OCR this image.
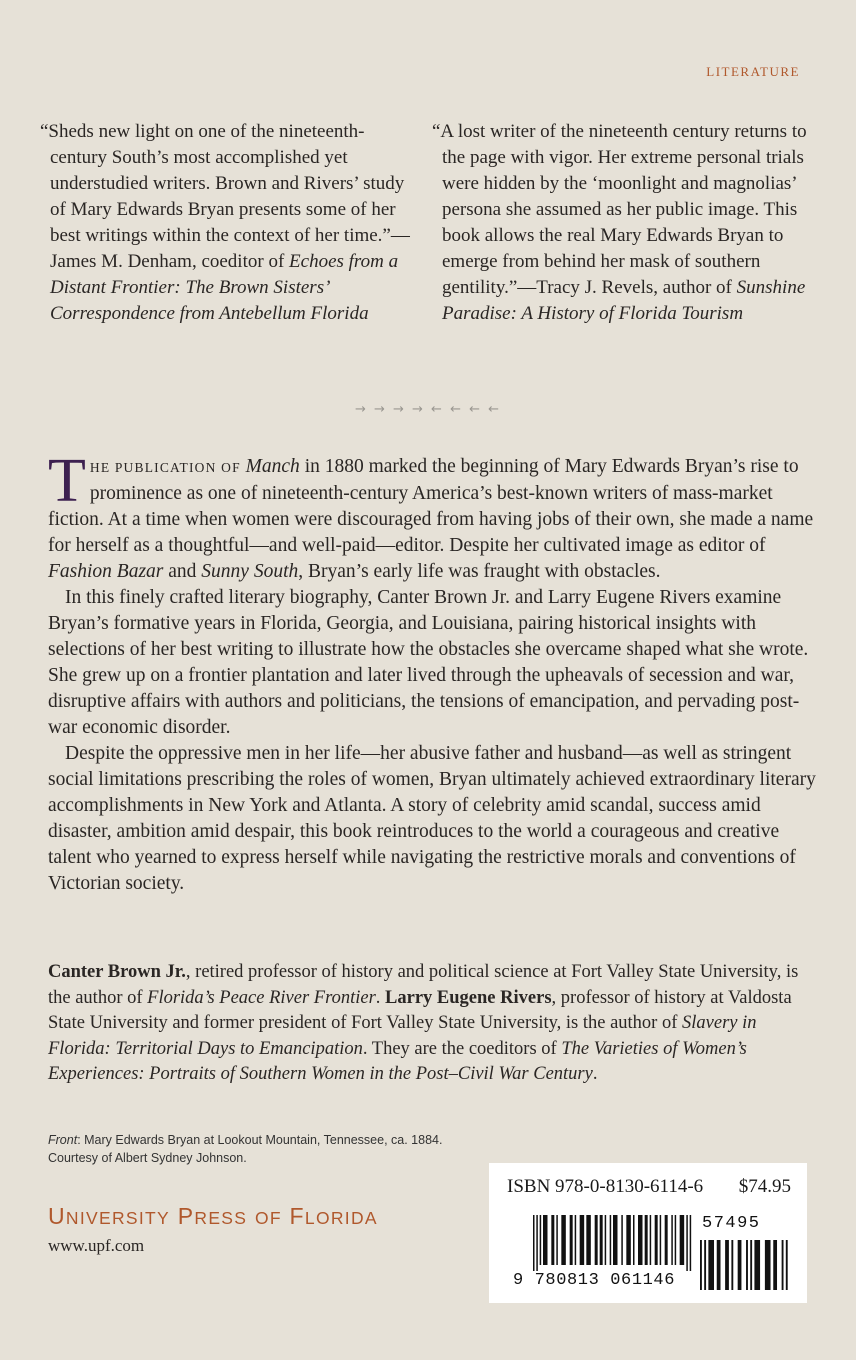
LITERATURE
“Sheds new light on one of the nineteenth-century South’s most accomplished yet understudied writers. Brown and Rivers’ study of Mary Edwards Bryan presents some of her best writings within the context of her time.”—James M. Denham, coeditor of Echoes from a Distant Frontier: The Brown Sisters’ Correspondence from Antebellum Florida
“A lost writer of the nineteenth century returns to the page with vigor. Her extreme personal trials were hidden by the ‘moonlight and magnolias’ persona she assumed as her public image. This book allows the real Mary Edwards Bryan to emerge from behind her mask of southern gentility.”—Tracy J. Revels, author of Sunshine Paradise: A History of Florida Tourism
→ → → → ← ← ← ←

THE PUBLICATION OF Manch in 1880 marked the beginning of Mary Edwards Bryan’s rise to prominence as one of nineteenth-century America’s best-known writers of mass-market fiction. At a time when women were discouraged from having jobs of their own, she made a name for herself as a thoughtful—and well-paid—editor. Despite her cultivated image as editor of Fashion Bazar and Sunny South, Bryan’s early life was fraught with obstacles.

In this finely crafted literary biography, Canter Brown Jr. and Larry Eugene Rivers examine Bryan’s formative years in Florida, Georgia, and Louisiana, pairing historical insights with selections of her best writing to illustrate how the obstacles she overcame shaped what she wrote. She grew up on a frontier plantation and later lived through the upheavals of secession and war, disruptive affairs with authors and politicians, the tensions of emancipation, and pervading post-war economic disorder.

Despite the oppressive men in her life—her abusive father and husband—as well as stringent social limitations prescribing the roles of women, Bryan ultimately achieved extraordinary literary accomplishments in New York and Atlanta. A story of celebrity amid scandal, success amid disaster, ambition amid despair, this book reintroduces to the world a courageous and creative talent who yearned to express herself while navigating the restrictive morals and conventions of Victorian society.

Canter Brown Jr., retired professor of history and political science at Fort Valley State University, is the author of Florida’s Peace River Frontier. Larry Eugene Rivers, professor of history at Valdosta State University and former president of Fort Valley State University, is the author of Slavery in Florida: Territorial Days to Emancipation. They are the coeditors of The Varieties of Women’s Experiences: Portraits of Southern Women in the Post–Civil War Century.

Front: Mary Edwards Bryan at Lookout Mountain, Tennessee, ca. 1884.
Courtesy of Albert Sydney Johnson.
UNIVERSITY PRESS OF FLORIDA
www.upf.com
ISBN 978-0-8130-6114-6 $74.95
9 780813 061146
57495
